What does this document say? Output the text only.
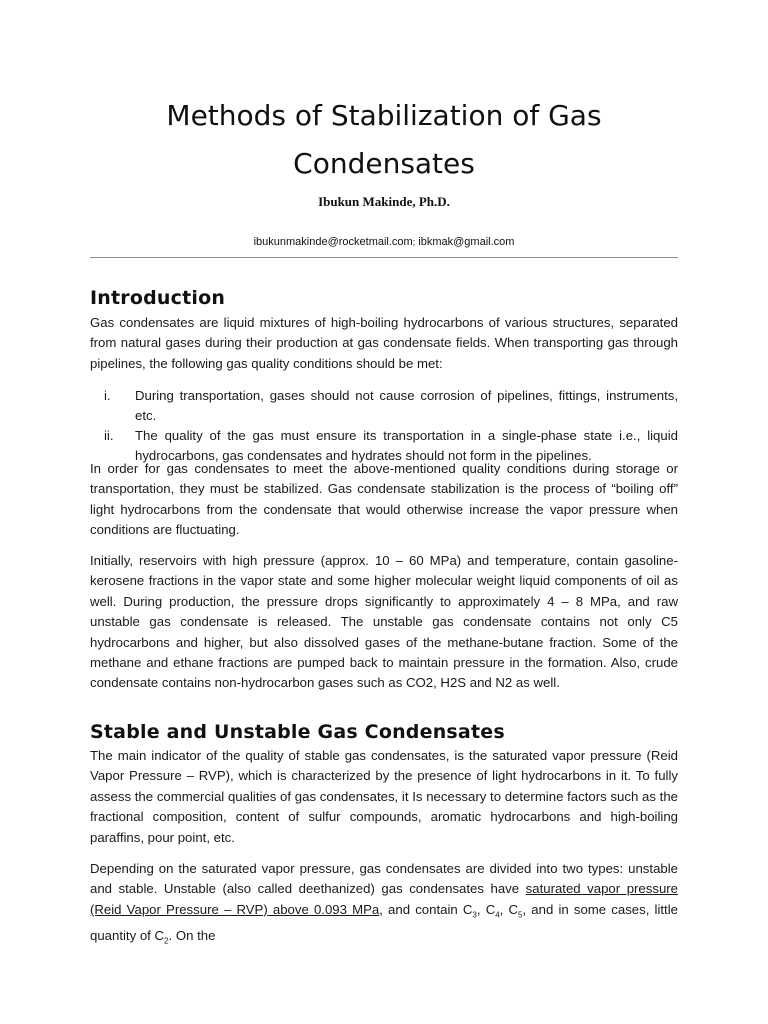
Methods of Stabilization of Gas
Condensates
Ibukun Makinde, Ph.D.
ibukunmakinde@rocketmail.com; ibkmak@gmail.com
Introduction

Gas condensates are liquid mixtures of high-boiling hydrocarbons of various structures, separated from natural gases during their production at gas condensate fields. When transporting gas through pipelines, the following gas quality conditions should be met:

i. During transportation, gases should not cause corrosion of pipelines, fittings, instruments, etc.
ii. The quality of the gas must ensure its transportation in a single-phase state i.e., liquid hydrocarbons, gas condensates and hydrates should not form in the pipelines.

In order for gas condensates to meet the above-mentioned quality conditions during storage or transportation, they must be stabilized. Gas condensate stabilization is the process of “boiling off” light hydrocarbons from the condensate that would otherwise increase the vapor pressure when conditions are fluctuating.

Initially, reservoirs with high pressure (approx. 10 – 60 MPa) and temperature, contain gasoline-kerosene fractions in the vapor state and some higher molecular weight liquid components of oil as well. During production, the pressure drops significantly to approximately 4 – 8 MPa, and raw unstable gas condensate is released. The unstable gas condensate contains not only C5 hydrocarbons and higher, but also dissolved gases of the methane-butane fraction. Some of the methane and ethane fractions are pumped back to maintain pressure in the formation. Also, crude condensate contains non-hydrocarbon gases such as CO2, H2S and N2 as well.

Stable and Unstable Gas Condensates

The main indicator of the quality of stable gas condensates, is the saturated vapor pressure (Reid Vapor Pressure – RVP), which is characterized by the presence of light hydrocarbons in it. To fully assess the commercial qualities of gas condensates, it Is necessary to determine factors such as the fractional composition, content of sulfur compounds, aromatic hydrocarbons and high-boiling paraffins, pour point, etc.

Depending on the saturated vapor pressure, gas condensates are divided into two types: unstable and stable. Unstable (also called deethanized) gas condensates have saturated vapor pressure (Reid Vapor Pressure – RVP) above 0.093 MPa, and contain $C_3$, $C_4$, $C_5$, and in some cases, little quantity of $C_2$. On the
